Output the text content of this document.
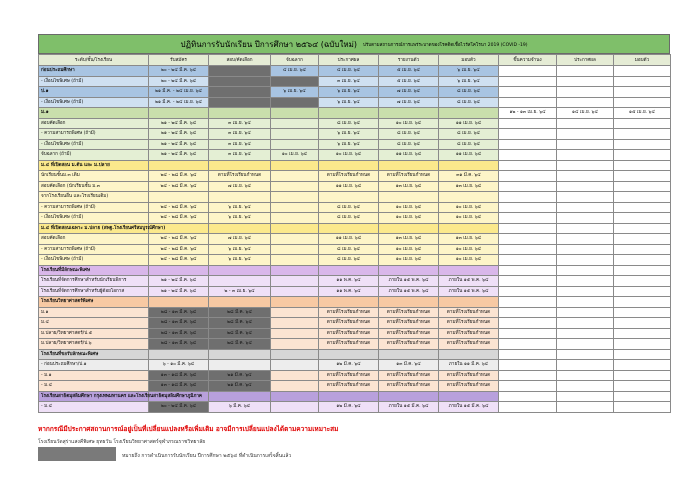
ปฏิทินการรับนักเรียน ปีการศึกษา ๒๕๖๔ (ฉบับใหม่) ปรับตามสถานการณ์การแพร่ระบาดของโรคติดเชื้อไวรัสโคโรนา 2019 (COVID -19)
ระดับ/ชั้น/โรงเรียน	รับสมัคร	สอบ/คัดเลือก	จับฉลาก	ประกาศผล	รายงานตัว	มอบตัว	ขึ้นความจำนง	ประกาศผล	มอบตัว
ก่อนประถมศึกษา	๒๐ - ๒๔ มี.ค. ๖๔		๔ เม.ย. ๖๔	๔ เม.ย. ๖๔	๕ เม.ย. ๖๔	๖ เม.ย. ๖๔			
- เงื่อนไขพิเศษ (ถ้ามี)	๒๐ - ๒๔ มี.ค. ๖๔			๓ เม.ย. ๖๔	๕ เม.ย. ๖๔	๖ เม.ย. ๖๔			
ป.๑	๒๑ มี.ค. - ๒๔ เม.ย. ๖๔		๖ เม.ย. ๖๔	๖ เม.ย. ๖๔	๗ เม.ย. ๖๔	๘ เม.ย. ๖๔			
- เงื่อนไขพิเศษ (ถ้ามี)	๒๑ มี.ค. - ๒๔ เม.ย. ๖๔			๖ เม.ย. ๖๔	๗ เม.ย. ๖๔	๘ เม.ย. ๖๔			
ม.๑							๑๒ - ๑๓ เม.ย. ๖๔	๑๔ เม.ย. ๖๔	๑๕ เม.ย. ๖๔
สอบคัดเลือก	๒๑ - ๒๔ มี.ค. ๖๔	๓ เม.ย. ๖๔		๘ เม.ย. ๖๔	๑๐ เม.ย. ๖๔	๑๑ เม.ย. ๖๔			
- ความสามารถพิเศษ (ถ้ามี)	๒๑ - ๒๔ มี.ค. ๖๔	๓ เม.ย. ๖๔		๖ เม.ย. ๖๔	๘ เม.ย. ๖๔	๘ เม.ย. ๖๔			
- เงื่อนไขพิเศษ (ถ้ามี)	๒๑ - ๒๔ มี.ค. ๖๔	๓ เม.ย. ๖๔		๖ เม.ย. ๖๔	๘ เม.ย. ๖๔	๘ เม.ย. ๖๔			
จับฉลาก (ถ้ามี)	๒๑ - ๒๔ มี.ค. ๖๔	๓ เม.ย. ๖๔	๑๐ เม.ย. ๖๔	๑๐ เม.ย. ๖๔	๑๑ เม.ย. ๖๔	๑๑ เม.ย. ๖๔			
ม.๔ ที่เปิดสอน ม.ต้น และ ม.ปลาย									
นักเรียนชั้นม.๓ เดิม	๒๔ - ๒๘ มี.ค. ๖๔	ตามที่โรงเรียนกำหนด		ตามที่โรงเรียนกำหนด	ตามที่โรงเรียนกำหนด	๓๑ มี.ค. ๖๔			
สอบคัดเลือก (นักเรียนชั้น ม.๓	๒๔ - ๒๘ มี.ค. ๖๔	๗ เม.ย. ๖๔		๑๑ เม.ย. ๖๔	๑๓ เม.ย. ๖๔	๑๓ เม.ย. ๖๔			
จากโรงเรียนอื่น และโรงเรียนเดิม)									
- ความสามารถพิเศษ (ถ้ามี)	๒๔ - ๒๘ มี.ค. ๖๔	๖ เม.ย. ๖๔		๘ เม.ย. ๖๔	๑๐ เม.ย. ๖๔	๑๐ เม.ย. ๖๔			
- เงื่อนไขพิเศษ (ถ้ามี)	๒๔ - ๒๘ มี.ค. ๖๔	๖ เม.ย. ๖๔		๘ เม.ย. ๖๔	๑๐ เม.ย. ๖๔	๑๐ เม.ย. ๖๔			
ม.๔ ที่เปิดสอนเฉพาะ ม.ปลาย (สพฐ.โรงเรียนศรีสมบูรณ์ศึกษา)									
สอบคัดเลือก	๒๔ - ๒๘ มี.ค. ๖๔	๗ เม.ย. ๖๔		๑๑ เม.ย. ๖๔	๑๓ เม.ย. ๖๔	๑๓ เม.ย. ๖๔			
- ความสามารถพิเศษ (ถ้ามี)	๒๔ - ๒๘ มี.ค. ๖๔	๖ เม.ย. ๖๔		๘ เม.ย. ๖๔	๑๐ เม.ย. ๖๔	๑๐ เม.ย. ๖๔			
- เงื่อนไขพิเศษ (ถ้ามี)	๒๔ - ๒๘ มี.ค. ๖๔	๖ เม.ย. ๖๔		๘ เม.ย. ๖๔	๑๐ เม.ย. ๖๔	๑๐ เม.ย. ๖๔			
โรงเรียนที่มีลักษณะพิเศษ									
โรงเรียนที่จัดการศึกษาสำหรับนักเรียนพิการ	๒๑ - ๒๔ มี.ค. ๖๔			๑๑ พ.ค. ๖๔	ภายใน ๑๕ พ.ค. ๖๔	ภายใน ๑๕ พ.ค. ๖๔			
โรงเรียนที่จัดการศึกษาสำหรับผู้ด้อยโอกาส	๒๑ - ๒๔ มี.ค. ๖๔	๒ - ๓ เม.ย. ๖๔		๑๑ พ.ค. ๖๔	ภายใน ๑๕ พ.ค. ๖๔	ภายใน ๑๕ พ.ค. ๖๔			
โรงเรียนวิทยาศาสตร์พิเศษ									
ม.๑	๒๘ - ๑๓ มี.ค. ๖๔	๒๘ มี.ค. ๖๔		ตามที่โรงเรียนกำหนด	ตามที่โรงเรียนกำหนด	ตามที่โรงเรียนกำหนด			
ม.๔	๒๘ - ๑๓ มี.ค. ๖๔	๒๘ มี.ค. ๖๔		ตามที่โรงเรียนกำหนด	ตามที่โรงเรียนกำหนด	ตามที่โรงเรียนกำหนด			
ม.ปลาย/วิทยาศาสตร์/ป.๕	๒๘ - ๑๓ มี.ค. ๖๔	๒๘ มี.ค. ๖๔		ตามที่โรงเรียนกำหนด	ตามที่โรงเรียนกำหนด	ตามที่โรงเรียนกำหนด			
ม.ปลาย/วิทยาศาสตร์/ป.๖	๒๘ - ๑๓ มี.ค. ๖๔	๒๘ มี.ค. ๖๔		ตามที่โรงเรียนกำหนด	ตามที่โรงเรียนกำหนด	ตามที่โรงเรียนกำหนด			
โรงเรียนที่ขอรับลักษณะพิเศษ									
- ก่อนประถมศึกษา/ป.๑	๖ - ๑๐ มี.ค. ๖๔			๑๒ มี.ค. ๖๔	๑๓ มี.ค. ๖๔	ภายใน ๑๑ มี.ค. ๖๔			
- ม.๑	๑๓ - ๑๘ มี.ค. ๖๔	๒๑ มี.ค. ๖๔		ตามที่โรงเรียนกำหนด	ตามที่โรงเรียนกำหนด	ตามที่โรงเรียนกำหนด			
- ม.๔	๑๓ - ๑๘ มี.ค. ๖๔	๒๑ มี.ค. ๖๔		ตามที่โรงเรียนกำหนด	ตามที่โรงเรียนกำหนด	ตามที่โรงเรียนกำหนด			
โรงเรียนสาธิตมุสลิมศึกษา กรุงเทพมหานคร และโรงเรียนสาธิตมุสลิมศึกษาภูมิภาค									
- ม.๔	๒๐ - ๒๔ มี.ค. ๖๔	๖ มี.ค. ๖๔		๑๒ มี.ค. ๖๔	ภายใน ๑๕ มี.ค. ๖๔	ภายใน ๑๕ มี.ค. ๖๔			
หากกรณีมีประกาศสถานการณ์อยู่เป็นที่เปลี่ยนแปลงหรือเพิ่มเติม อาจมีการเปลี่ยนแปลงได้ตามความเหมาะสม
โรงเรียนวัดสุร่าแสงคีพิเศษ ยุทธวัน โรงเรียนวิทยาศาสตร์จุฬาภรณราชวิทยาลัย
หมายถึง การดำเนินการรับนักเรียน ปีการศึกษา ๒๕๖๔ ที่ดำเนินการเสร็จสิ้นแล้ว
